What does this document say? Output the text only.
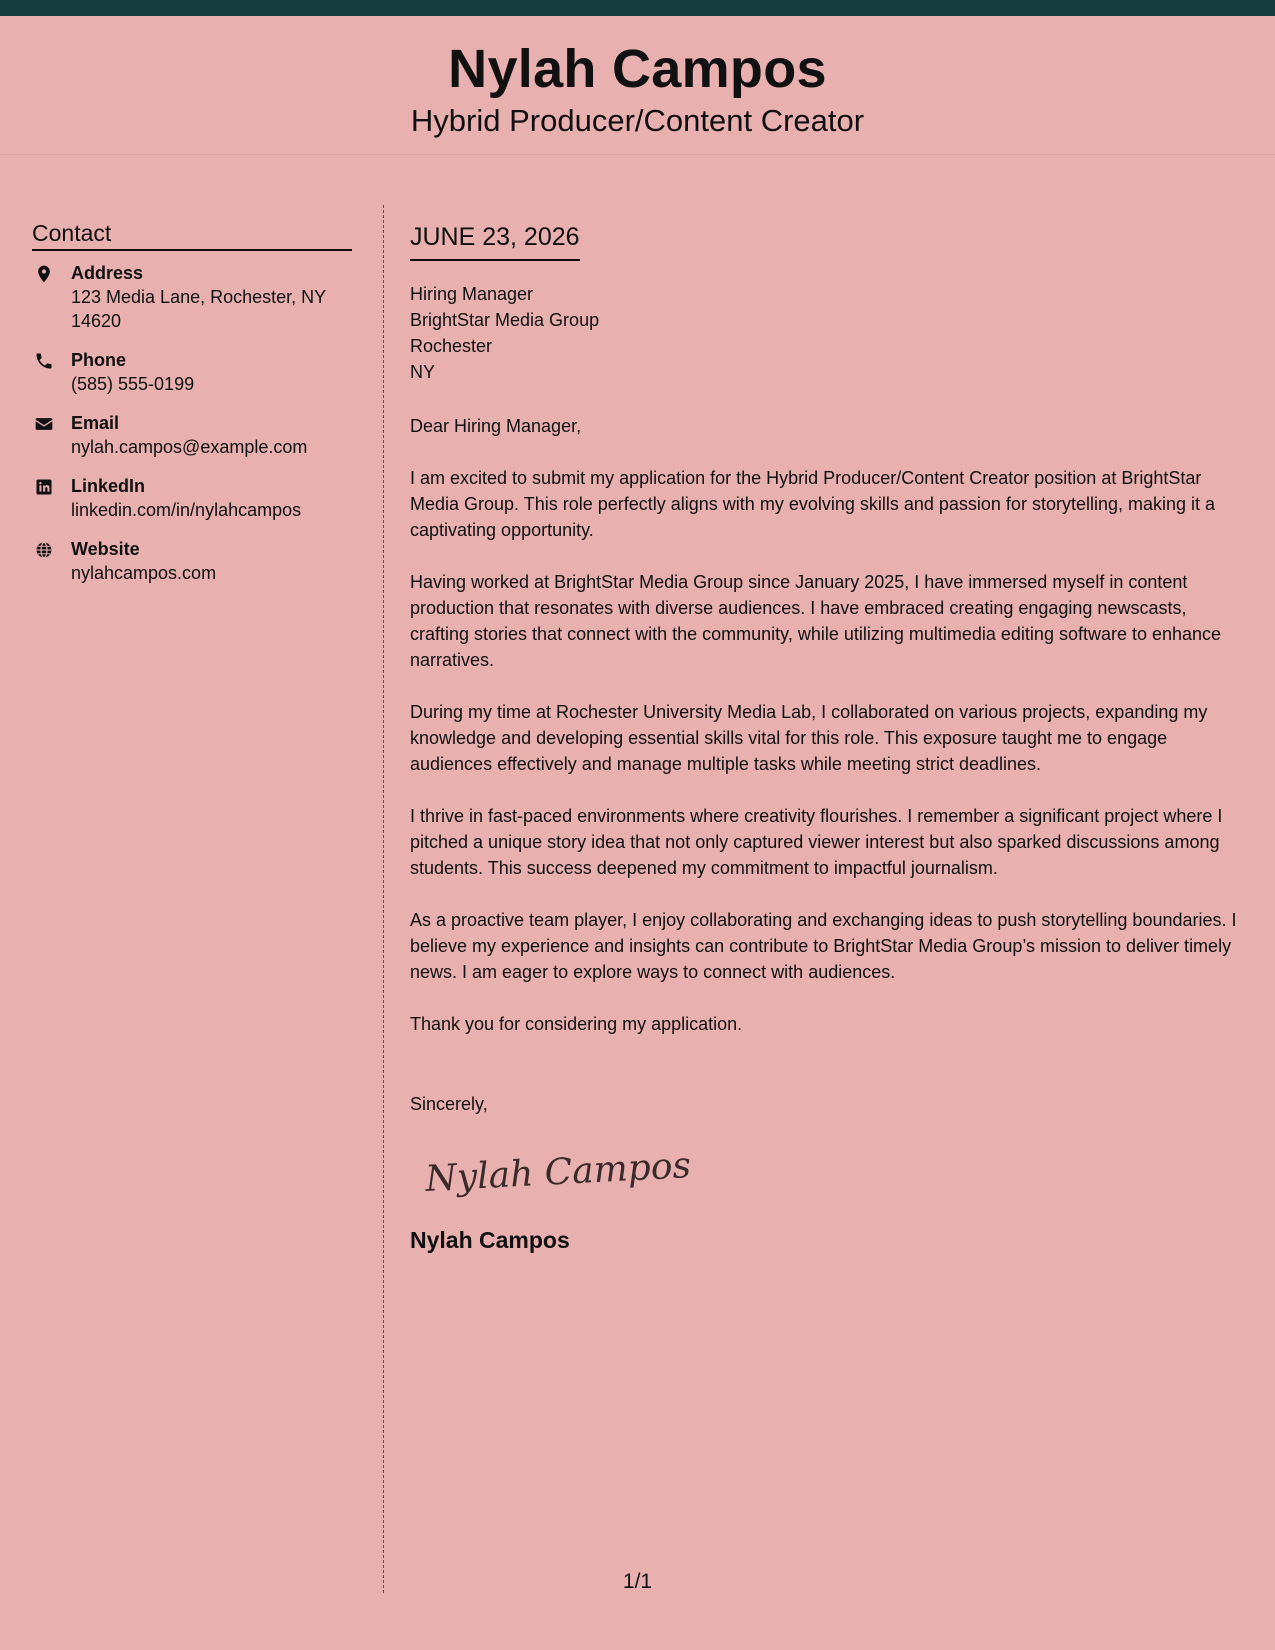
Nylah Campos
Hybrid Producer/Content Creator
Contact
Address
123 Media Lane, Rochester, NY 14620
Phone
(585) 555-0199
Email
nylah.campos@example.com
LinkedIn
linkedin.com/in/nylahcampos
Website
nylahcampos.com
JUNE 23, 2026
Hiring Manager
BrightStar Media Group
Rochester
NY
Dear Hiring Manager,

I am excited to submit my application for the Hybrid Producer/Content Creator position at BrightStar Media Group. This role perfectly aligns with my evolving skills and passion for storytelling, making it a captivating opportunity.

Having worked at BrightStar Media Group since January 2025, I have immersed myself in content production that resonates with diverse audiences. I have embraced creating engaging newscasts, crafting stories that connect with the community, while utilizing multimedia editing software to enhance narratives.

During my time at Rochester University Media Lab, I collaborated on various projects, expanding my knowledge and developing essential skills vital for this role. This exposure taught me to engage audiences effectively and manage multiple tasks while meeting strict deadlines.

I thrive in fast-paced environments where creativity flourishes. I remember a significant project where I pitched a unique story idea that not only captured viewer interest but also sparked discussions among students. This success deepened my commitment to impactful journalism.

As a proactive team player, I enjoy collaborating and exchanging ideas to push storytelling boundaries. I believe my experience and insights can contribute to BrightStar Media Group’s mission to deliver timely news. I am eager to explore ways to connect with audiences.

Thank you for considering my application.

Sincerely,
Nylah Campos
Nylah Campos
1/1
